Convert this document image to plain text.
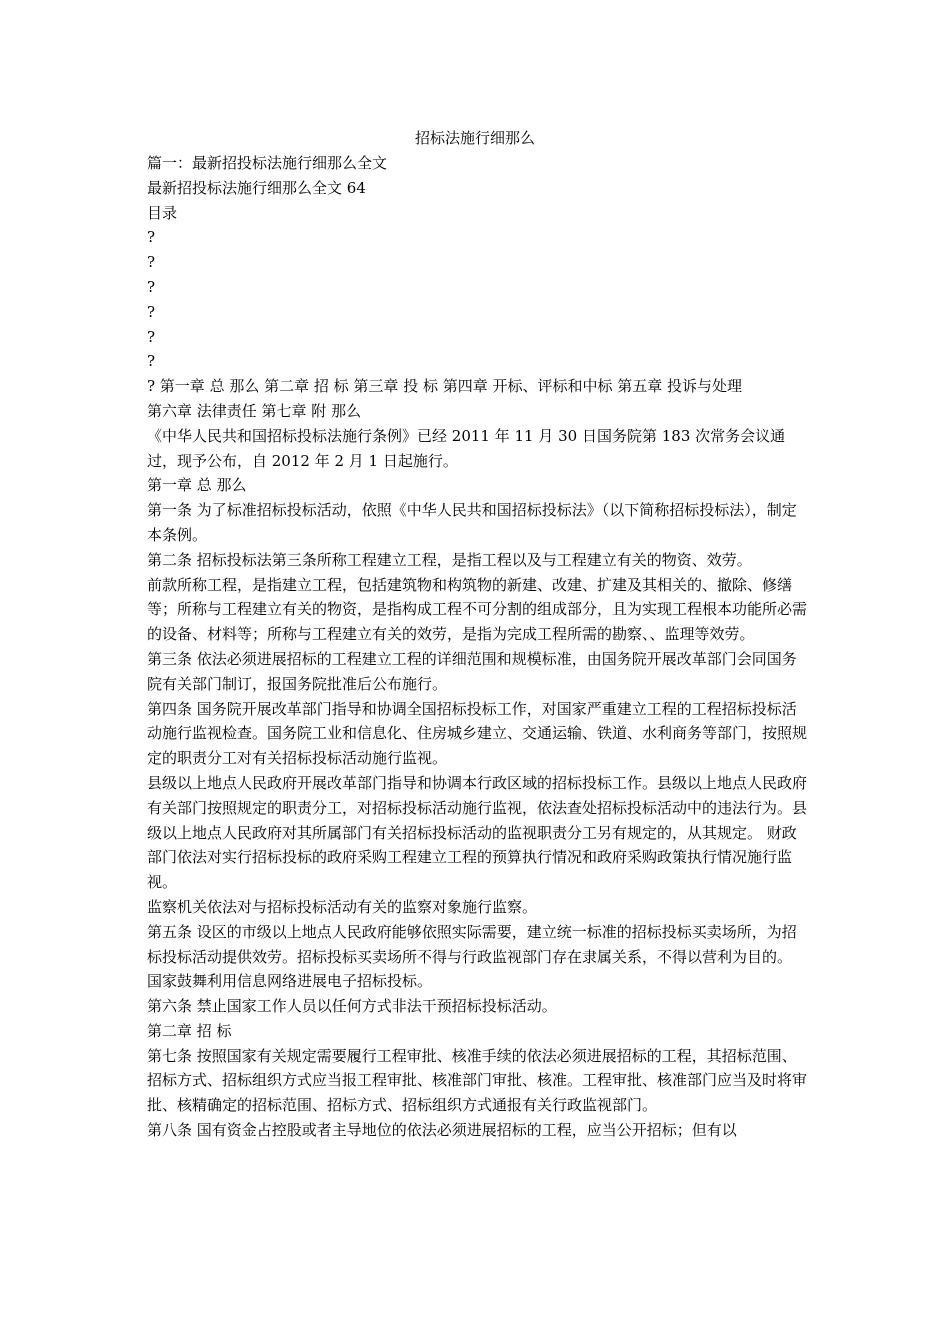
招标法施行细那么
篇一：最新招投标法施行细那么全文
最新招投标法施行细那么全文 64
目录
?
?
?
?
?
?
? 第一章 总 那么 第二章 招 标 第三章 投 标 第四章 开标、评标和中标 第五章 投诉与处理
第六章 法律责任 第七章 附 那么
《中华人民共和国招标投标法施行条例》已经 2011 年 11 月 30 日国务院第 183 次常务会议通过，现予公布，自 2012 年 2 月 1 日起施行。
第一章 总 那么
第一条 为了标准招标投标活动，依照《中华人民共和国招标投标法》（以下简称招标投标法），制定本条例。
第二条 招标投标法第三条所称工程建立工程，是指工程以及与工程建立有关的物资、效劳。
前款所称工程，是指建立工程，包括建筑物和构筑物的新建、改建、扩建及其相关的、撤除、修缮等；所称与工程建立有关的物资，是指构成工程不可分割的组成部分，且为实现工程根本功能所必需的设备、材料等；所称与工程建立有关的效劳，是指为完成工程所需的勘察、、监理等效劳。
第三条 依法必须进展招标的工程建立工程的详细范围和规模标准，由国务院开展改革部门会同国务院有关部门制订，报国务院批准后公布施行。
第四条 国务院开展改革部门指导和协调全国招标投标工作，对国家严重建立工程的工程招标投标活动施行监视检查。国务院工业和信息化、住房城乡建立、交通运输、铁道、水利商务等部门，按照规定的职责分工对有关招标投标活动施行监视。
县级以上地点人民政府开展改革部门指导和协调本行政区域的招标投标工作。县级以上地点人民政府有关部门按照规定的职责分工，对招标投标活动施行监视，依法查处招标投标活动中的违法行为。县级以上地点人民政府对其所属部门有关招标投标活动的监视职责分工另有规定的，从其规定。 财政部门依法对实行招标投标的政府采购工程建立工程的预算执行情况和政府采购政策执行情况施行监视。
监察机关依法对与招标投标活动有关的监察对象施行监察。
第五条 设区的市级以上地点人民政府能够依照实际需要，建立统一标准的招标投标买卖场所，为招标投标活动提供效劳。招标投标买卖场所不得与行政监视部门存在隶属关系，不得以营利为目的。
国家鼓舞利用信息网络进展电子招标投标。
第六条 禁止国家工作人员以任何方式非法干预招标投标活动。
第二章 招 标
第七条 按照国家有关规定需要履行工程审批、核准手续的依法必须进展招标的工程，其招标范围、招标方式、招标组织方式应当报工程审批、核准部门审批、核准。工程审批、核准部门应当及时将审批、核精确定的招标范围、招标方式、招标组织方式通报有关行政监视部门。
第八条 国有资金占控股或者主导地位的依法必须进展招标的工程，应当公开招标；但有以
